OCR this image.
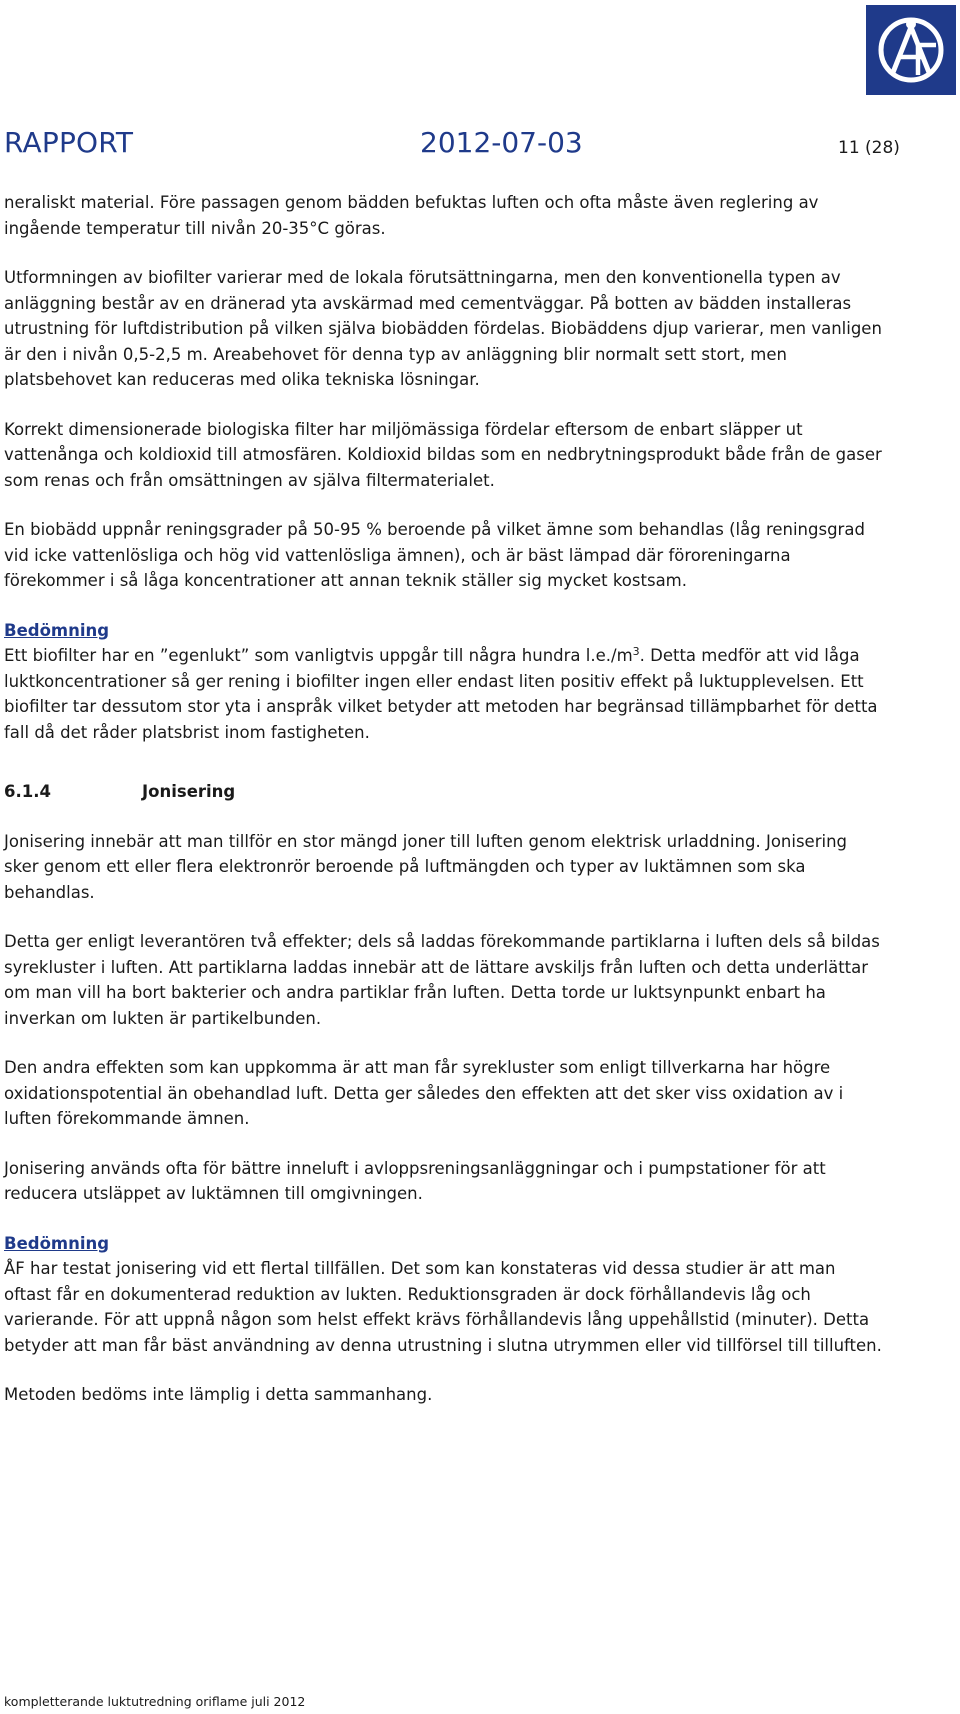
RAPPORT	2012-07-03	11 (28)

neraliskt material. Före passagen genom bädden befuktas luften och ofta måste även reglering av ingående temperatur till nivån 20-35°C göras.

Utformningen av biofilter varierar med de lokala förutsättningarna, men den konventionella typen av anläggning består av en dränerad yta avskärmad med cementväggar. På botten av bädden installeras utrustning för luftdistribution på vilken själva biobädden fördelas. Biobäddens djup varierar, men vanligen är den i nivån 0,5-2,5 m. Areabehovet för denna typ av anläggning blir normalt sett stort, men platsbehovet kan reduceras med olika tekniska lösningar.

Korrekt dimensionerade biologiska filter har miljömässiga fördelar eftersom de enbart släpper ut vattenånga och koldioxid till atmosfären. Koldioxid bildas som en nedbrytningsprodukt både från de gaser som renas och från omsättningen av själva filtermaterialet.

En biobädd uppnår reningsgrader på 50-95 % beroende på vilket ämne som behandlas (låg reningsgrad vid icke vattenlösliga och hög vid vattenlösliga ämnen), och är bäst lämpad där föroreningarna förekommer i så låga koncentrationer att annan teknik ställer sig mycket kostsam.

Bedömning

Ett biofilter har en ”egenlukt” som vanligtvis uppgår till några hundra $l.e./m^3$. Detta medför att vid låga luktkoncentrationer så ger rening i biofilter ingen eller endast liten positiv effekt på luktupplevelsen. Ett biofilter tar dessutom stor yta i anspråk vilket betyder att metoden har begränsad tillämpbarhet för detta fall då det råder platsbrist inom fastigheten.

6.1.4	Jonisering

Jonisering innebär att man tillför en stor mängd joner till luften genom elektrisk urladdning. Jonisering sker genom ett eller flera elektronrör beroende på luftmängden och typer av luktämnen som ska behandlas.

Detta ger enligt leverantören två effekter; dels så laddas förekommande partiklarna i luften dels så bildas syrekluster i luften. Att partiklarna laddas innebär att de lättare avskiljs från luften och detta underlättar om man vill ha bort bakterier och andra partiklar från luften. Detta torde ur luktsynpunkt enbart ha inverkan om lukten är partikelbunden.

Den andra effekten som kan uppkomma är att man får syrekluster som enligt tillverkarna har högre oxidationspotential än obehandlad luft. Detta ger således den effekten att det sker viss oxidation av i luften förekommande ämnen.

Jonisering används ofta för bättre inneluft i avloppsreningsanläggningar och i pumpstationer för att reducera utsläppet av luktämnen till omgivningen.

Bedömning

ÅF har testat jonisering vid ett flertal tillfällen. Det som kan konstateras vid dessa studier är att man oftast får en dokumenterad reduktion av lukten. Reduktionsgraden är dock förhållandevis låg och varierande. För att uppnå någon som helst effekt krävs förhållandevis lång uppehållstid (minuter). Detta betyder att man får bäst användning av denna utrustning i slutna utrymmen eller vid tillförsel till tilluften.

Metoden bedöms inte lämplig i detta sammanhang.

kompletterande luktutredning oriflame juli 2012
